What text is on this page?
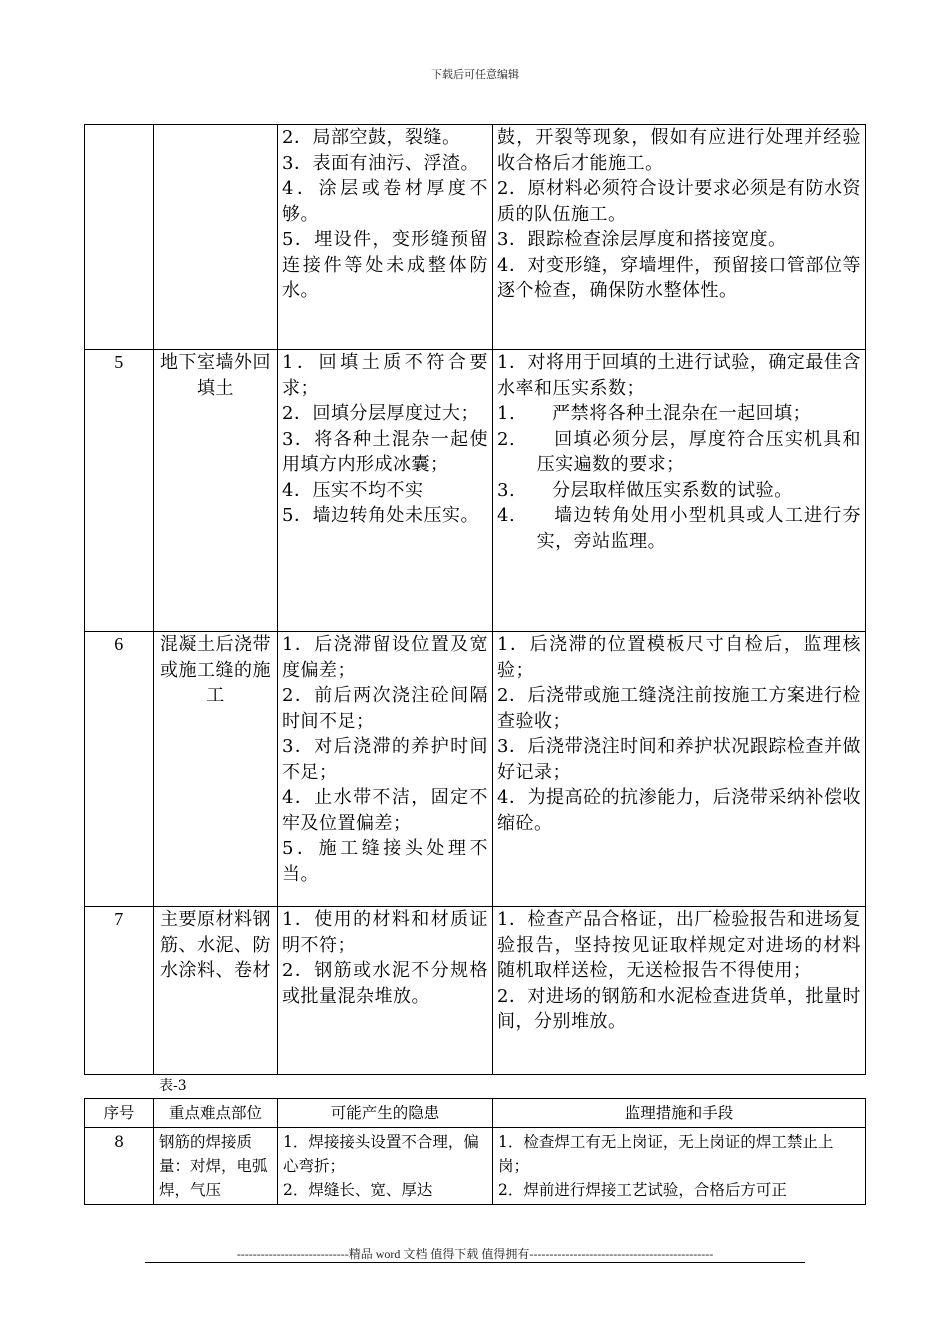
下载后可任意编辑

		2．局部空鼓，裂缝。
3．表面有油污、浮渣。
4．涂层或卷材厚度不够。
5．埋设件，变形缝预留连接件等处未成整体防水。	鼓，开裂等现象，假如有应进行处理并经验收合格后才能施工。
2．原材料必须符合设计要求必须是有防水资质的队伍施工。
3．跟踪检查涂层厚度和搭接宽度。
4．对变形缝，穿墙埋件，预留接口管部位等逐个检查，确保防水整体性。

5	地下室墙外回填土	1．回填土质不符合要求；
2．回填分层厚度过大；
3．将各种土混杂一起使用填方内形成冰囊；
4．压实不均不实
5．墙边转角处未压实。	1．对将用于回填的土进行试验，确定最佳含水率和压实系数；
1.　　严禁将各种土混杂在一起回填；
2.　　回填必须分层，厚度符合压实机具和压实遍数的要求；
3.　　分层取样做压实系数的试验。
4.　　墙边转角处用小型机具或人工进行夯实，旁站监理。

6	混凝土后浇带或施工缝的施工	1．后浇滞留设位置及宽度偏差；
2．前后两次浇注砼间隔时间不足；
3．对后浇滞的养护时间不足；
4．止水带不洁，固定不牢及位置偏差；
5．施工缝接头处理不当。	1．后浇滞的位置模板尺寸自检后，监理核验；
2．后浇带或施工缝浇注前按施工方案进行检查验收；
3．后浇带浇注时间和养护状况跟踪检查并做好记录；
4．为提高砼的抗渗能力，后浇带采纳补偿收缩砼。

7	主要原材料钢筋、水泥、防水涂料、卷材	1．使用的材料和材质证明不符；
2．钢筋或水泥不分规格或批量混杂堆放。	1．检查产品合格证，出厂检验报告和进场复验报告，坚持按见证取样规定对进场的材料随机取样送检，无送检报告不得使用；
2．对进场的钢筋和水泥检查进货单，批量时间，分别堆放。
表-3
序号	重点难点部位	可能产生的隐患	监理措施和手段
8	钢筋的焊接质量：对焊，电弧焊，气压	1．焊接接头设置不合理，偏心弯折；
2．焊缝长、宽、厚达	1．检查焊工有无上岗证，无上岗证的焊工禁止上岗；
2．焊前进行焊接工艺试验，合格后方可正
----------------------------精品 word 文档 值得下载 值得拥有----------------------------------------------
